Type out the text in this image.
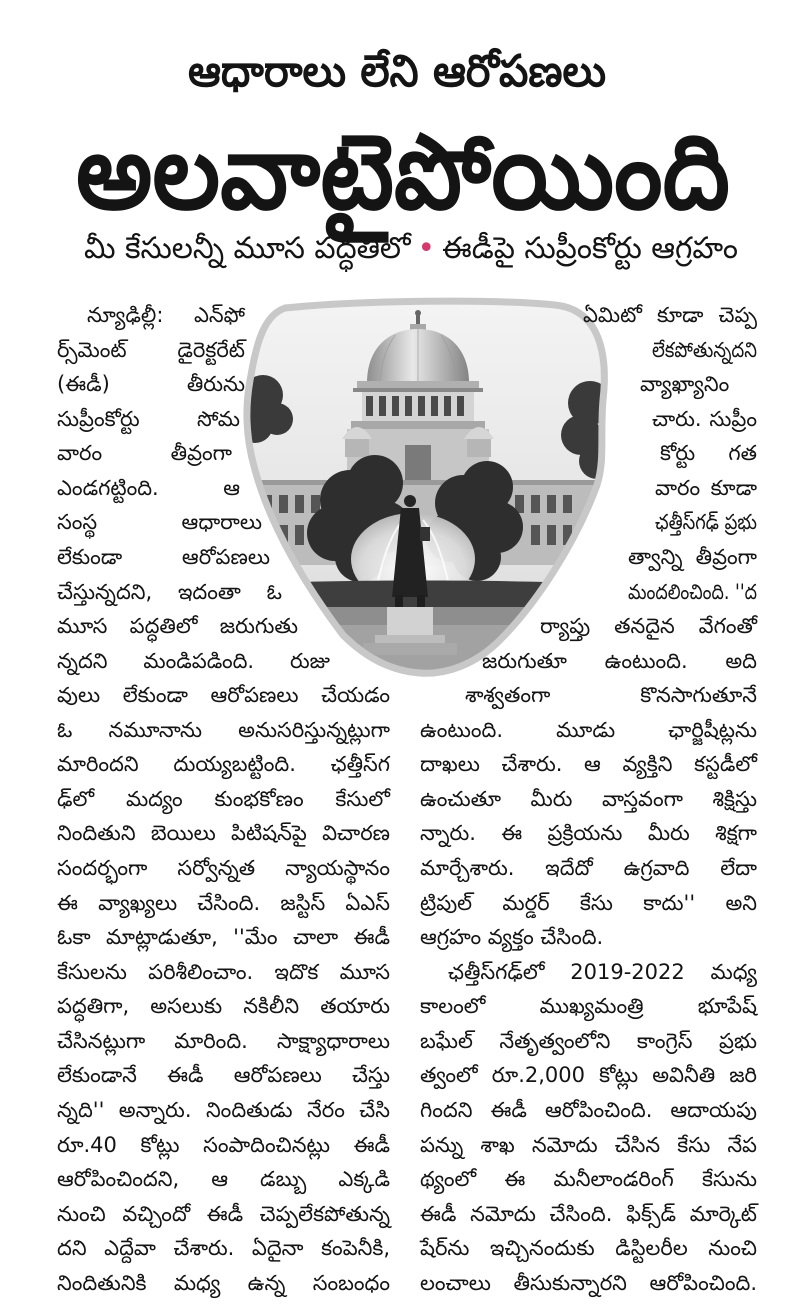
ఆధారాలు లేని ఆరోపణలు
అలవాటైపోయింది
మీ కేసులన్నీ మూస పద్ధతిలో • ఈడీపై సుప్రీంకోర్టు ఆగ్రహం
న్యూఢిల్లీ: ఎన్‌ఫో
ర్స్‌మెంట్ డైరెక్టరేట్
(ఈడీ) తీరును
సుప్రీంకోర్టు సోమ
వారం తీవ్రంగా
ఎండగట్టింది. ఆ
సంస్థ ఆధారాలు
లేకుండా ఆరోపణలు
చేస్తున్నదని, ఇదంతా ఓ
మూస పద్ధతిలో జరుగుతు
న్నదని మండిపడింది. రుజు
వులు లేకుండా ఆరోపణలు చేయడం
ఓ నమూనాను అనుసరిస్తున్నట్లుగా
మారిందని దుయ్యబట్టింది. ఛత్తీస్‌గ
ఢ్‌లో మద్యం కుంభకోణం కేసులో
నిందితుని బెయిలు పిటిషన్‌పై విచారణ
సందర్భంగా సర్వోన్నత న్యాయస్థానం
ఈ వ్యాఖ్యలు చేసింది. జస్టిస్ ఏఎస్
ఓకా మాట్లాడుతూ, ''మేం చాలా ఈడీ
కేసులను పరిశీలించాం. ఇదొక మూస
పద్ధతిగా, అసలుకు నకిలీని తయారు
చేసినట్లుగా మారింది. సాక్ష్యాధారాలు
లేకుండానే ఈడీ ఆరోపణలు చేస్తు
న్నది'' అన్నారు. నిందితుడు నేరం చేసి
రూ.40 కోట్లు సంపాదించినట్లు ఈడీ
ఆరోపించిందని, ఆ డబ్బు ఎక్కడి
నుంచి వచ్చిందో ఈడీ చెప్పలేకపోతున్న
దని ఎద్దేవా చేశారు. ఏదైనా కంపెనీకి,
నిందితునికి మధ్య ఉన్న సంబంధం
ఏమిటో కూడా చెప్ప
లేకపోతున్నదని
వ్యాఖ్యానిం
చారు. సుప్రీం
కోర్టు గత
వారం కూడా
ఛత్తీస్‌గఢ్ ప్రభు
త్వాన్ని తీవ్రంగా
మందలించింది. ''ద
ర్యాప్తు తనదైన వేగంతో
జరుగుతూ ఉంటుంది. అది
శాశ్వతంగా కొనసాగుతూనే
ఉంటుంది. మూడు ఛార్జిషీట్లను
దాఖలు చేశారు. ఆ వ్యక్తిని కస్టడీలో
ఉంచుతూ మీరు వాస్తవంగా శిక్షిస్తు
న్నారు. ఈ ప్రక్రియను మీరు శిక్షగా
మార్చేశారు. ఇదేదో ఉగ్రవాది లేదా
ట్రిపుల్ మర్డర్ కేసు కాదు'' అని
ఆగ్రహం వ్యక్తం చేసింది.
ఛత్తీస్‌గఢ్‌లో 2019-2022 మధ్య
కాలంలో ముఖ్యమంత్రి భూపేష్
బఘేల్ నేతృత్వంలోని కాంగ్రెస్ ప్రభు
త్వంలో రూ.2,000 కోట్లు అవినీతి జరి
గిందని ఈడీ ఆరోపించింది. ఆదాయపు
పన్ను శాఖ నమోదు చేసిన కేసు నేప
థ్యంలో ఈ మనీలాండరింగ్ కేసును
ఈడీ నమోదు చేసింది. ఫిక్స్‌డ్ మార్కెట్
షేర్‌ను ఇచ్చినందుకు డిస్టిలరీల నుంచి
లంచాలు తీసుకున్నారని ఆరోపించింది.
